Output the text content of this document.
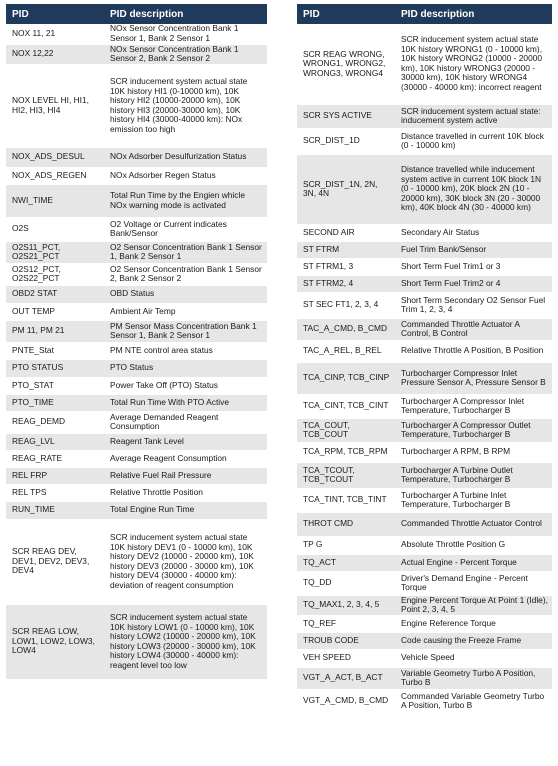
PID	PID description
NOX 11, 21	NOx Sensor Concentration Bank 1 Sensor 1, Bank 2 Sensor 1
NOX 12,22	NOx Sensor Concentration Bank 1 Sensor 2, Bank 2 Sensor 2
NOX LEVEL HI, HI1, HI2, HI3, HI4	SCR inducement system actual state 10K history HI1 (0-10000 km), 10K history HI2 (10000-20000 km), 10K history HI3 (20000-30000 km), 10K history HI4 (30000-40000 km): NOx emission too high
NOX_ADS_DESUL	NOx Adsorber Desulfurization Status
NOX_ADS_REGEN	NOx Adsorber Regen Status
NWI_TIME	Total Run Time by the Engien whicle NOx warning mode is activated
O2S	O2 Voltage or Current indicates Bank/Sensor
O2S11_PCT, O2S21_PCT	O2 Sensor Concentration Bank 1 Sensor 1, Bank 2 Sensor 1
O2S12_PCT, O2S22_PCT	O2 Sensor Concentration Bank 1 Sensor 2, Bank 2 Sensor 2
OBD2 STAT	OBD Status
OUT TEMP	Ambient Air Temp
PM 11, PM 21	PM Sensor Mass Concentration Bank 1 Sensor 1, Bank 2 Sensor 1
PNTE_Stat	PM NTE control area status
PTO STATUS	PTO Status
PTO_STAT	Power Take Off (PTO) Status
PTO_TIME	Total Run Time With PTO Active
REAG_DEMD	Average Demanded Reagent Consumption
REAG_LVL	Reagent Tank Level
REAG_RATE	Average Reagent Consumption
REL FRP	Relative Fuel Rail Pressure
REL TPS	Relative Throttle Position
RUN_TIME	Total Engine Run Time
SCR REAG DEV, DEV1, DEV2, DEV3, DEV4	SCR inducement system actual state 10K history DEV1 (0 - 10000 km), 10K history DEV2 (10000 - 20000 km), 10K history DEV3 (20000 - 30000 km), 10K history DEV4 (30000 - 40000 km): deviation of reagent consumption
SCR REAG LOW, LOW1, LOW2, LOW3, LOW4	SCR inducement system actual state 10K history LOW1 (0 - 10000 km), 10K history LOW2 (10000 - 20000 km), 10K history LOW3 (20000 - 30000 km), 10K history LOW4 (30000 - 40000 km): reagent level too low
PID	PID description
SCR REAG WRONG, WRONG1, WRONG2, WRONG3, WRONG4	SCR inducement system actual state 10K history WRONG1 (0 - 10000 km), 10K history WRONG2 (10000 - 20000 km), 10K history WRONG3 (20000 - 30000 km), 10K history WRONG4 (30000 - 40000 km): incorrect reagent
SCR SYS ACTIVE	SCR inducement system actual state: inducement system active
SCR_DIST_1D	Distance travelled in current 10K block (0 - 10000 km)
SCR_DIST_1N, 2N, 3N, 4N	Distance travelled while inducement system active in current 10K block 1N (0 - 10000 km), 20K block 2N (10 - 20000 km), 30K block 3N (20 - 30000 km), 40K block 4N (30 - 40000 km)
SECOND AIR	Secondary Air Status
ST FTRM	Fuel Trim Bank/Sensor
ST FTRM1, 3	Short Term Fuel Trim1 or 3
ST FTRM2, 4	Short Term Fuel Trim2 or 4
ST SEC FT1, 2, 3, 4	Short Term Secondary O2 Sensor Fuel Trim 1, 2, 3, 4
TAC_A_CMD, B_CMD	Commanded Throttle Actuator A Control, B Control
TAC_A_REL, B_REL	Relative Throttle A Position, B Position
TCA_CINP, TCB_CINP	Turbocharger Compressor Inlet Pressure Sensor A, Pressure Sensor B
TCA_CINT, TCB_CINT	Turbocharger A Compressor Inlet Temperature, Turbocharger B
TCA_COUT, TCB_COUT	Turbocharger A Compressor Outlet Temperature, Turbocharger B
TCA_RPM, TCB_RPM	Turbocharger A RPM, B RPM
TCA_TCOUT, TCB_TCOUT	Turbocharger A Turbine Outlet Temperature, Turbocharger B
TCA_TINT, TCB_TINT	Turbocharger A Turbine Inlet Temperature, Turbocharger B
THROT CMD	Commanded Throttle Actuator Control
TP G	Absolute Throttle Position G
TQ_ACT	Actual Engine - Percent Torque
TQ_DD	Driver's Demand Engine - Percent Torque
TQ_MAX1, 2, 3, 4, 5	Engine Percent Torque At Point 1 (Idle), Point 2, 3, 4, 5
TQ_REF	Engine Reference Torque
TROUB CODE	Code causing the Freeze Frame
VEH SPEED	Vehicle Speed
VGT_A_ACT, B_ACT	Variable Geometry Turbo A Position, Turbo B
VGT_A_CMD, B_CMD	Commanded Variable Geometry Turbo A Position, Turbo B
